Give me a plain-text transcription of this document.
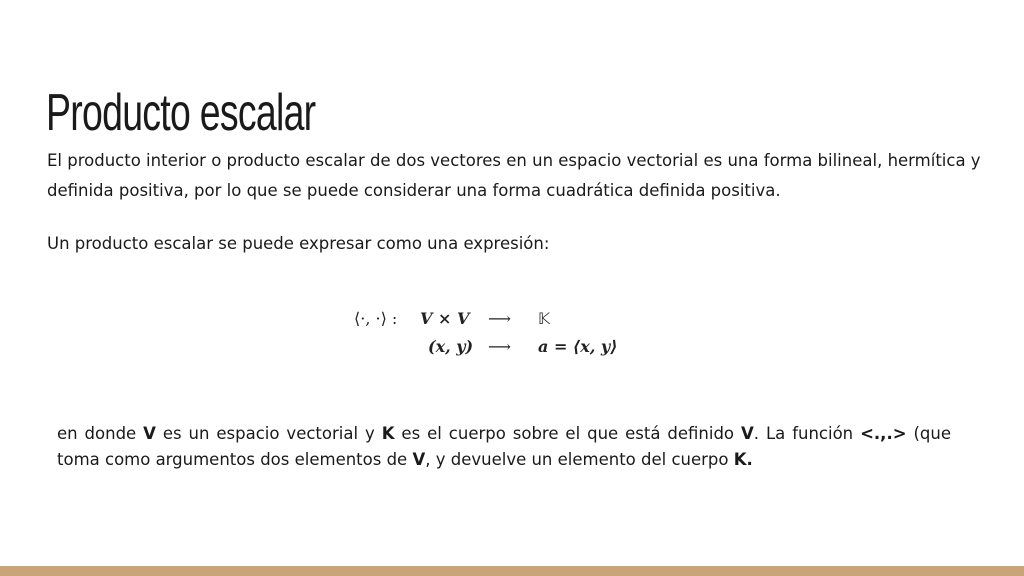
Producto escalar

El producto interior o producto escalar de dos vectores en un espacio vectorial es una forma bilineal, hermítica y definida positiva, por lo que se puede considerar una forma cuadrática definida positiva.

Un producto escalar se puede expresar como una expresión:

⟨·, ·⟩ : V × V ⟶ 𝕂
(x, y) ⟶ a = ⟨x, y⟩

en donde V es un espacio vectorial y K es el cuerpo sobre el que está definido V. La función <.,.> (que toma como argumentos dos elementos de V, y devuelve un elemento del cuerpo K.
